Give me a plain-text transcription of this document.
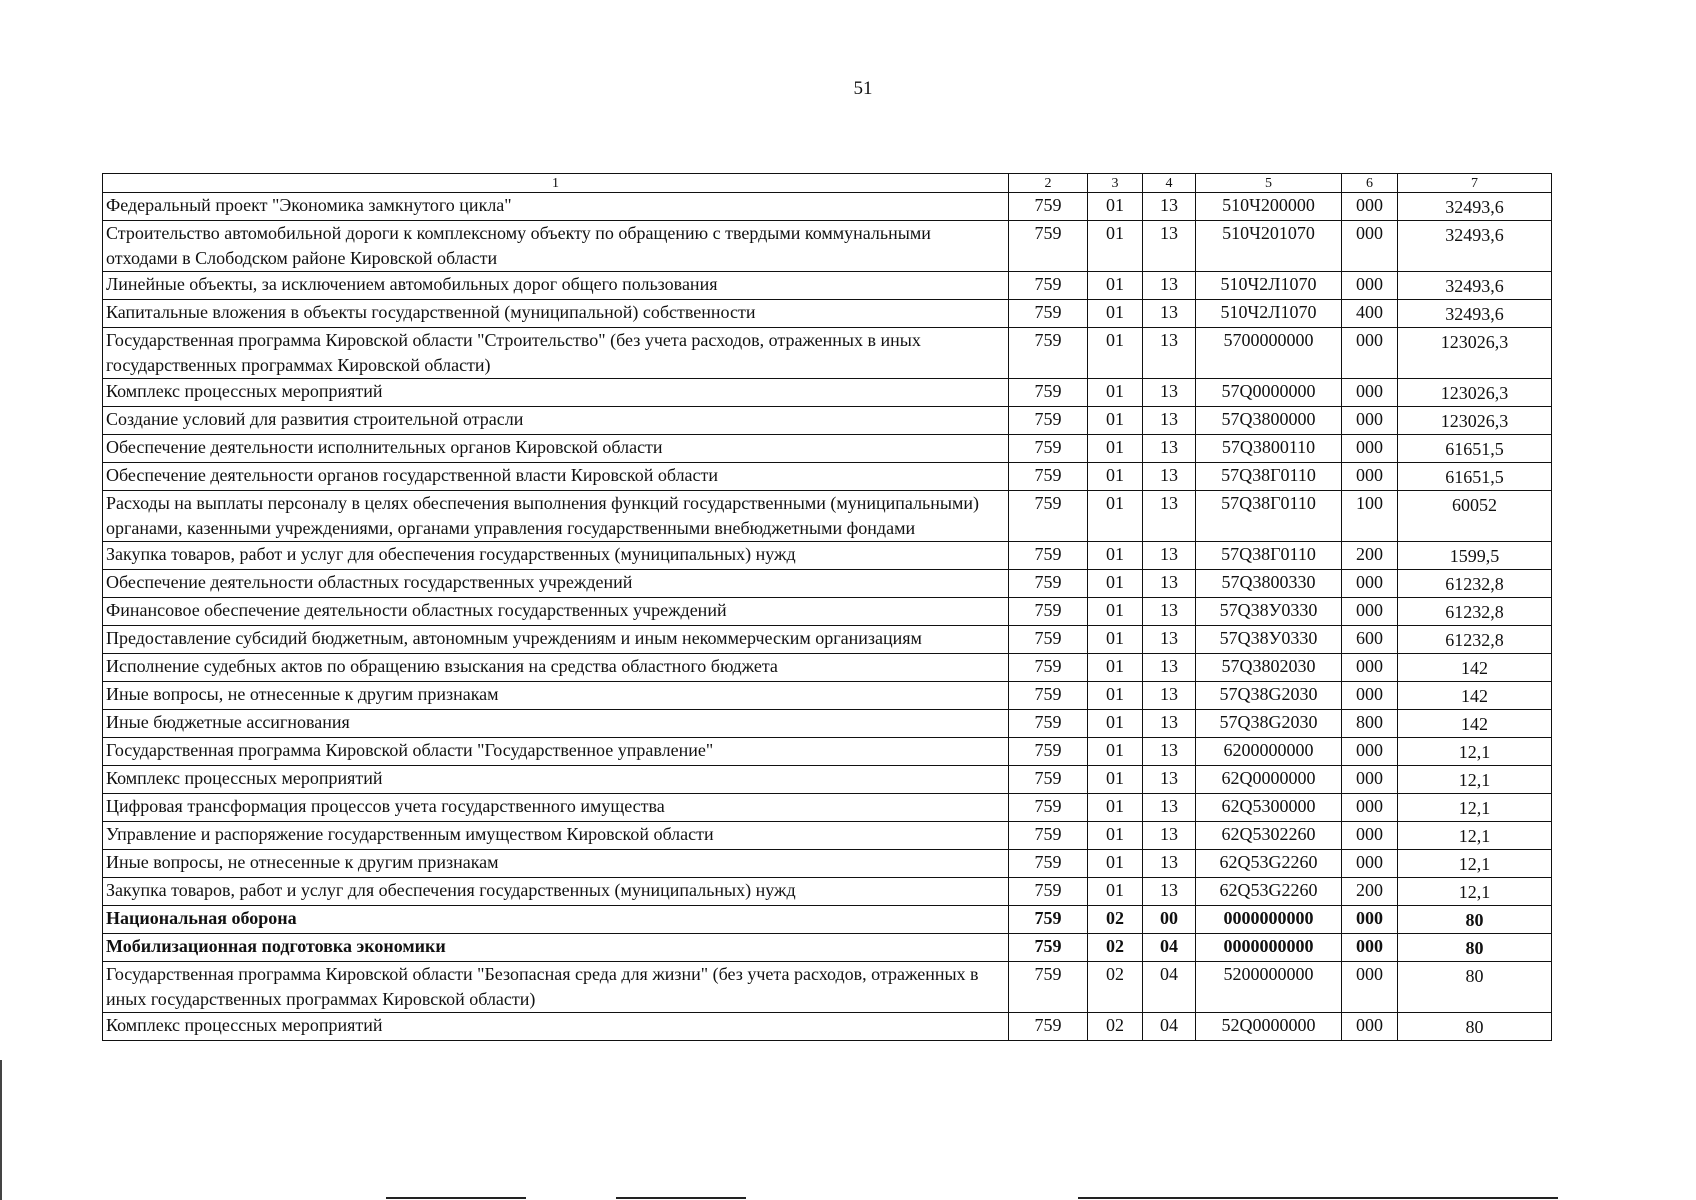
51
1	2	3	4	5	6	7
Федеральный проект "Экономика замкнутого цикла"	759	01	13	510Ч200000	000	32493,6
Строительство автомобильной дороги к комплексному объекту по обращению с твердыми коммунальными отходами в Слободском районе Кировской области	759	01	13	510Ч201070	000	32493,6
Линейные объекты, за исключением автомобильных дорог общего пользования	759	01	13	510Ч2Л1070	000	32493,6
Капитальные вложения в объекты государственной (муниципальной) собственности	759	01	13	510Ч2Л1070	400	32493,6
Государственная программа Кировской области "Строительство" (без учета расходов, отраженных в иных государственных программах Кировской области)	759	01	13	5700000000	000	123026,3
Комплекс процессных мероприятий	759	01	13	57Q0000000	000	123026,3
Создание условий для развития строительной отрасли	759	01	13	57Q3800000	000	123026,3
Обеспечение деятельности исполнительных органов Кировской области	759	01	13	57Q3800110	000	61651,5
Обеспечение деятельности органов государственной власти Кировской области	759	01	13	57Q38Г0110	000	61651,5
Расходы на выплаты персоналу в целях обеспечения выполнения функций государственными (муниципальными) органами, казенными учреждениями, органами управления государственными внебюджетными фондами	759	01	13	57Q38Г0110	100	60052
Закупка товаров, работ и услуг для обеспечения государственных (муниципальных) нужд	759	01	13	57Q38Г0110	200	1599,5
Обеспечение деятельности областных государственных учреждений	759	01	13	57Q3800330	000	61232,8
Финансовое обеспечение деятельности областных государственных учреждений	759	01	13	57Q38У0330	000	61232,8
Предоставление субсидий бюджетным, автономным учреждениям и иным некоммерческим организациям	759	01	13	57Q38У0330	600	61232,8
Исполнение судебных актов по обращению взыскания на средства областного бюджета	759	01	13	57Q3802030	000	142
Иные вопросы, не отнесенные к другим признакам	759	01	13	57Q38G2030	000	142
Иные бюджетные ассигнования	759	01	13	57Q38G2030	800	142
Государственная программа Кировской области "Государственное управление"	759	01	13	6200000000	000	12,1
Комплекс процессных мероприятий	759	01	13	62Q0000000	000	12,1
Цифровая трансформация процессов учета государственного имущества	759	01	13	62Q5300000	000	12,1
Управление и распоряжение государственным имуществом Кировской области	759	01	13	62Q5302260	000	12,1
Иные вопросы, не отнесенные к другим признакам	759	01	13	62Q53G2260	000	12,1
Закупка товаров, работ и услуг для обеспечения государственных (муниципальных) нужд	759	01	13	62Q53G2260	200	12,1
Национальная оборона	759	02	00	0000000000	000	80
Мобилизационная подготовка экономики	759	02	04	0000000000	000	80
Государственная программа Кировской области "Безопасная среда для жизни" (без учета расходов, отраженных в иных государственных программах Кировской области)	759	02	04	5200000000	000	80
Комплекс процессных мероприятий	759	02	04	52Q0000000	000	80
